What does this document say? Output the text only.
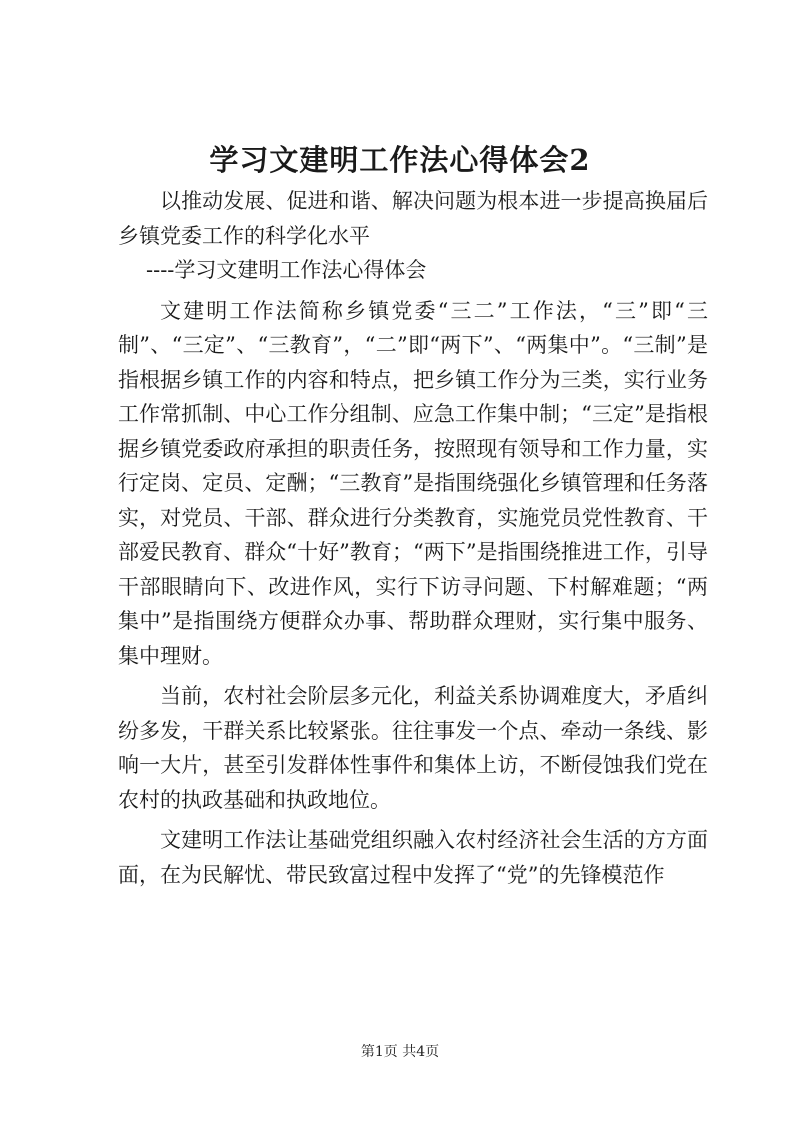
学习文建明工作法心得体会2

以推动发展、促进和谐、解决问题为根本进一步提高换届后乡镇党委工作的科学化水平

----学习文建明工作法心得体会

文建明工作法简称乡镇党委“三二”工作法，“三”即“三制”、“三定”、“三教育”，“二”即“两下”、“两集中”。“三制”是指根据乡镇工作的内容和特点，把乡镇工作分为三类，实行业务工作常抓制、中心工作分组制、应急工作集中制；“三定”是指根据乡镇党委政府承担的职责任务，按照现有领导和工作力量，实行定岗、定员、定酬；“三教育”是指围绕强化乡镇管理和任务落实，对党员、干部、群众进行分类教育，实施党员党性教育、干部爱民教育、群众“十好”教育；“两下”是指围绕推进工作，引导干部眼睛向下、改进作风，实行下访寻问题、下村解难题；“两集中”是指围绕方便群众办事、帮助群众理财，实行集中服务、集中理财。

当前，农村社会阶层多元化，利益关系协调难度大，矛盾纠纷多发，干群关系比较紧张。往往事发一个点、牵动一条线、影响一大片，甚至引发群体性事件和集体上访，不断侵蚀我们党在农村的执政基础和执政地位。

文建明工作法让基础党组织融入农村经济社会生活的方方面面，在为民解忧、带民致富过程中发挥了“党”的先锋模范作

第1页 共4页
